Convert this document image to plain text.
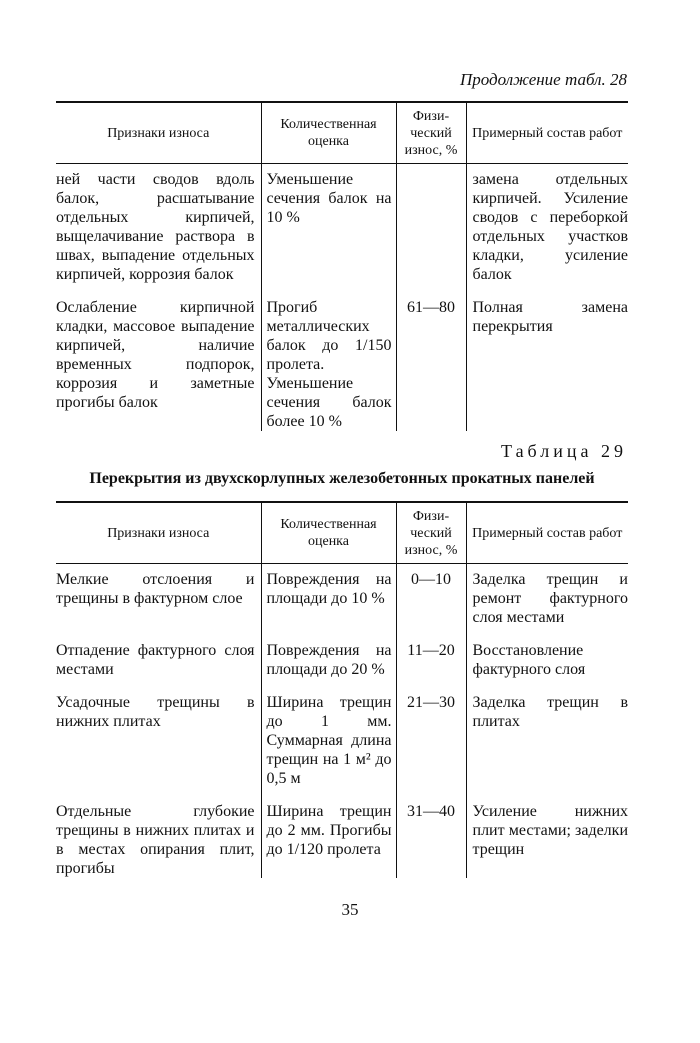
Продолжение табл. 28
Признаки износа	Количественная оценка	Физи-ческий износ, %	Примерный состав работ
ней части сводов вдоль балок, расшатывание отдельных кирпичей, выщелачивание раствора в швах, выпадение отдельных кирпичей, коррозия балок	Уменьшение сечения балок на 10 %		замена отдельных кирпичей. Усиление сводов с переборкой отдельных участков кладки, усиление балок

Ослабление кирпичной кладки, массовое выпадение кирпичей, наличие временных подпорок, коррозия и заметные прогибы балок	Прогиб металлических балок до 1/150 пролета. Уменьшение сечения балок более 10 %	61—80	Полная замена перекрытия
Таблица 29
Перекрытия из двухскорлупных железобетонных прокатных панелей
Признаки износа	Количественная оценка	Физи-ческий износ, %	Примерный состав работ
Мелкие отслоения и трещины в фактурном слое	Повреждения на площади до 10 %	0—10	Заделка трещин и ремонт фактурного слоя местами

Отпадение фактурного слоя местами	Повреждения на площади до 20 %	11—20	Восстановление фактурного слоя

Усадочные трещины в нижних плитах	Ширина трещин до 1 мм. Суммарная длина трещин на 1 м² до 0,5 м	21—30	Заделка трещин в плитах

Отдельные глубокие трещины в нижних плитах и в местах опирания плит, прогибы	Ширина трещин до 2 мм. Прогибы до 1/120 пролета	31—40	Усиление нижних плит местами; заделки трещин
35
